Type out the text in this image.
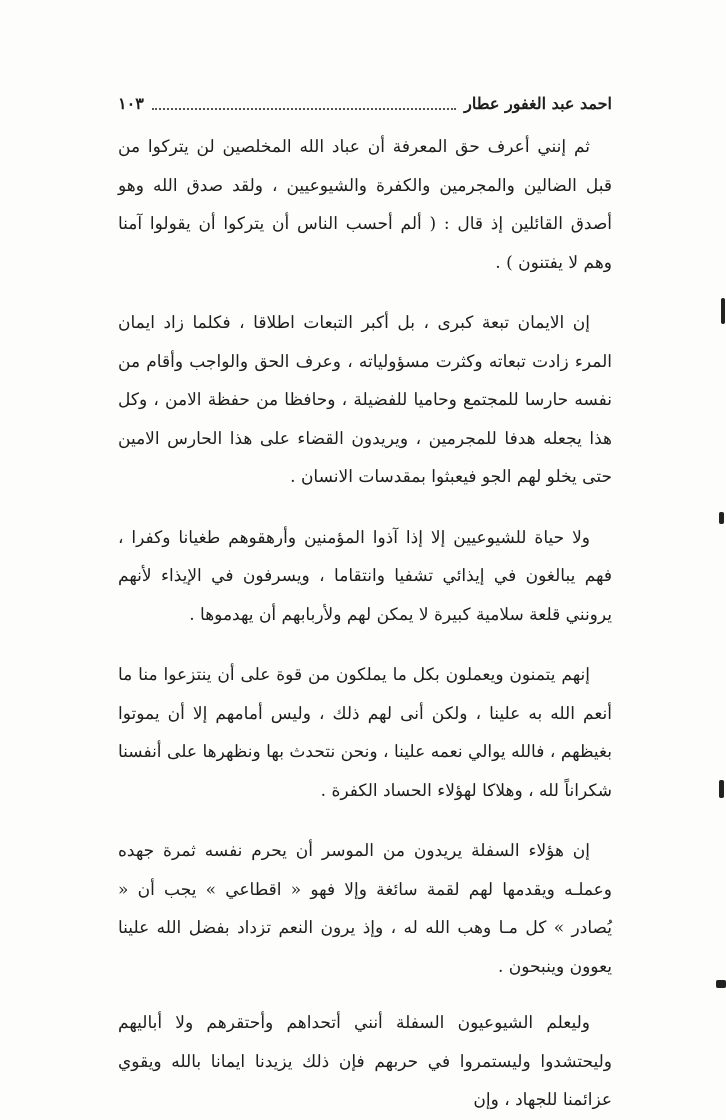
احمد عبد الغفور عطار
١٠٣

ثم إنني أعرف حق المعرفة أن عباد الله المخلصين لن يتركوا من قبل الضالين والمجرمين والكفرة والشيوعيين ، ولقد صدق الله وهو أصدق القائلين إذ قال : ( ألم أحسب الناس أن يتركوا أن يقولوا آمنا وهم لا يفتنون ) .

إن الايمان تبعة كبرى ، بل أكبر التبعات اطلاقا ، فكلما زاد ايمان المرء زادت تبعاته وكثرت مسؤولياته ، وعرف الحق والواجب وأقام من نفسه حارسا للمجتمع وحاميا للفضيلة ، وحافظا من حفظة الامن ، وكل هذا يجعله هدفا للمجرمين ، ويريدون القضاء على هذا الحارس الامين حتى يخلو لهم الجو فيعبثوا بمقدسات الانسان .

ولا حياة للشيوعيين إلا إذا آذوا المؤمنين وأرهقوهم طغيانا وكفرا ، فهم يبالغون في إيذائي تشفيا وانتقاما ، ويسرفون في الإيذاء لأنهم يرونني قلعة سلامية كبيرة لا يمكن لهم ولأربابهم أن يهدموها .

إنهم يتمنون ويعملون بكل ما يملكون من قوة على أن ينتزعوا منا ما أنعم الله به علينا ، ولكن أنى لهم ذلك ، وليس أمامهم إلا أن يموتوا بغيظهم ، فالله يوالي نعمه علينا ، ونحن نتحدث بها ونظهرها على أنفسنا شكراناً لله ، وهلاكا لهؤلاء الحساد الكفرة .

إن هؤلاء السفلة يريدون من الموسر أن يحرم نفسه ثمرة جهده وعملـه ويقدمها لهم لقمة سائغة وإلا فهو « اقطاعي » يجب أن « يُصادر » كل مـا وهب الله له ، وإذ يرون النعم تزداد بفضل الله علينا يعوون وينبحون .

وليعلم الشيوعيون السفلة أنني أتحداهم وأحتقرهم ولا أباليهم وليحتشدوا وليستمروا في حربهم فإن ذلك يزيدنا ايمانا بالله ويقوي عزائمنا للجهاد ، وإن
